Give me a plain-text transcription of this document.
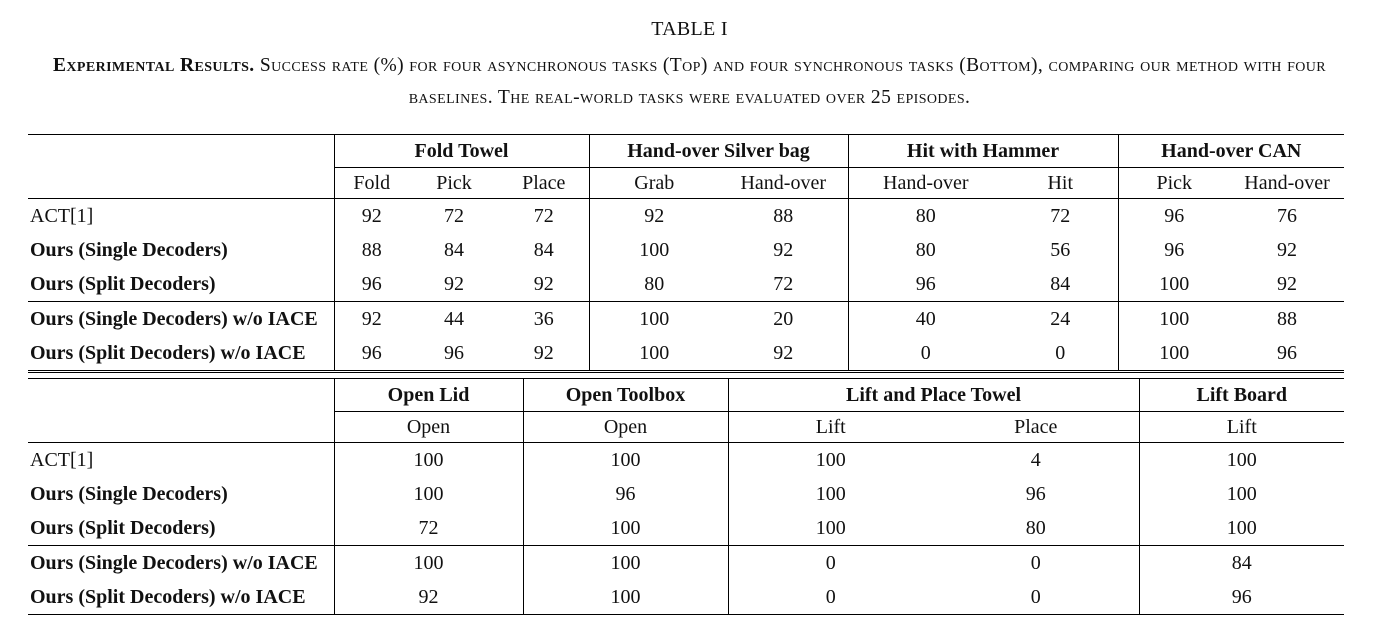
TABLE I
Experimental Results. Success rate (%) for four asynchronous tasks (Top) and four synchronous tasks (Bottom), comparing our method with four baselines. The real-world tasks were evaluated over 25 episodes.
	Fold Towel			Hand-over Silver bag		Hit with Hammer		Hand-over CAN	
	Fold	Pick	Place	Grab	Hand-over	Hand-over	Hit	Pick	Hand-over
ACT[1]	92	72	72	92	88	80	72	96	76
Ours (Single Decoders)	88	84	84	100	92	80	56	96	92
Ours (Split Decoders)	96	92	92	80	72	96	84	100	92
Ours (Single Decoders) w/o IACE	92	44	36	100	20	40	24	100	88
Ours (Split Decoders) w/o IACE	96	96	92	100	92	0	0	100	96
	Open Lid	Open Toolbox	Lift and Place Towel		Lift Board
	Open	Open	Lift	Place	Lift
ACT[1]	100	100	100	4	100
Ours (Single Decoders)	100	96	100	96	100
Ours (Split Decoders)	72	100	100	80	100
Ours (Single Decoders) w/o IACE	100	100	0	0	84
Ours (Split Decoders) w/o IACE	92	100	0	0	96
